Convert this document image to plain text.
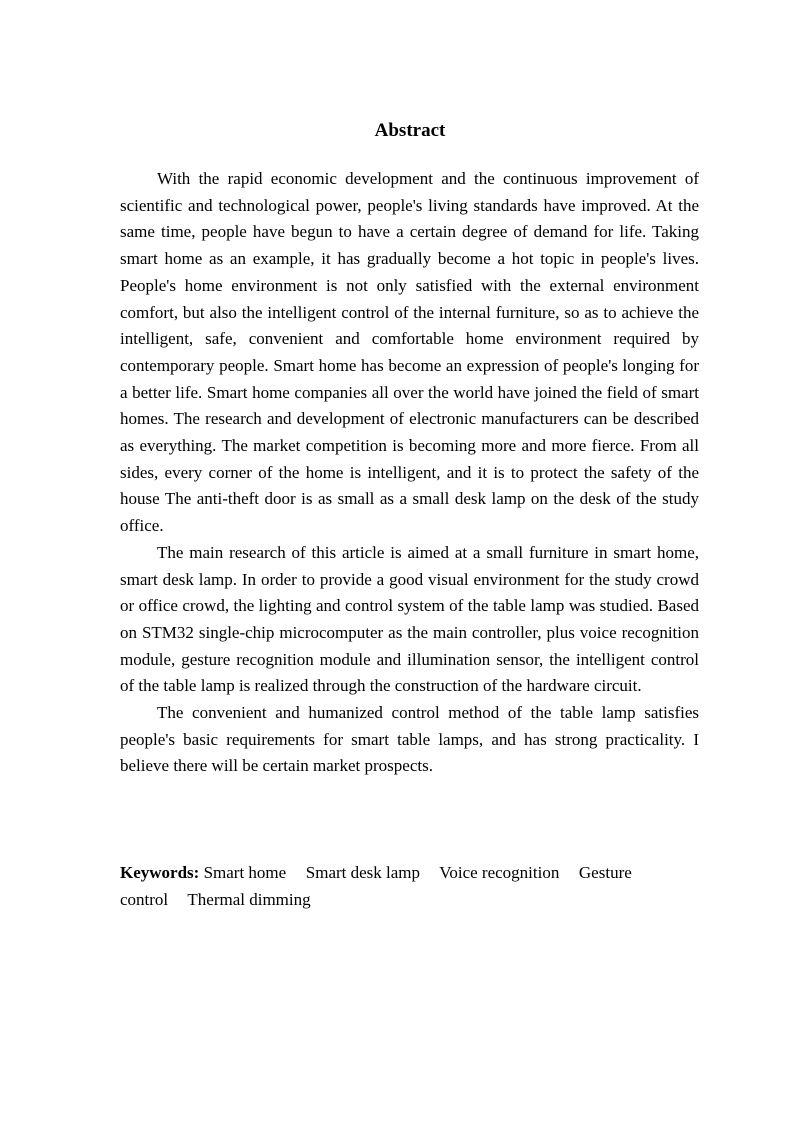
Abstract

With the rapid economic development and the continuous improvement of scientific and technological power, people's living standards have improved. At the same time, people have begun to have a certain degree of demand for life. Taking smart home as an example, it has gradually become a hot topic in people's lives. People's home environment is not only satisfied with the external environment comfort, but also the intelligent control of the internal furniture, so as to achieve the intelligent, safe, convenient and comfortable home environment required by contemporary people. Smart home has become an expression of people's longing for a better life. Smart home companies all over the world have joined the field of smart homes. The research and development of electronic manufacturers can be described as everything. The market competition is becoming more and more fierce. From all sides, every corner of the home is intelligent, and it is to protect the safety of the house The anti-theft door is as small as a small desk lamp on the desk of the study office.

The main research of this article is aimed at a small furniture in smart home, smart desk lamp. In order to provide a good visual environment for the study crowd or office crowd, the lighting and control system of the table lamp was studied. Based on STM32 single-chip microcomputer as the main controller, plus voice recognition module, gesture recognition module and illumination sensor, the intelligent control of the table lamp is realized through the construction of the hardware circuit.

The convenient and humanized control method of the table lamp satisfies people's basic requirements for smart table lamps, and has strong practicality. I believe there will be certain market prospects.

Keywords: Smart home Smart desk lamp Voice recognition Gesture control Thermal dimming
